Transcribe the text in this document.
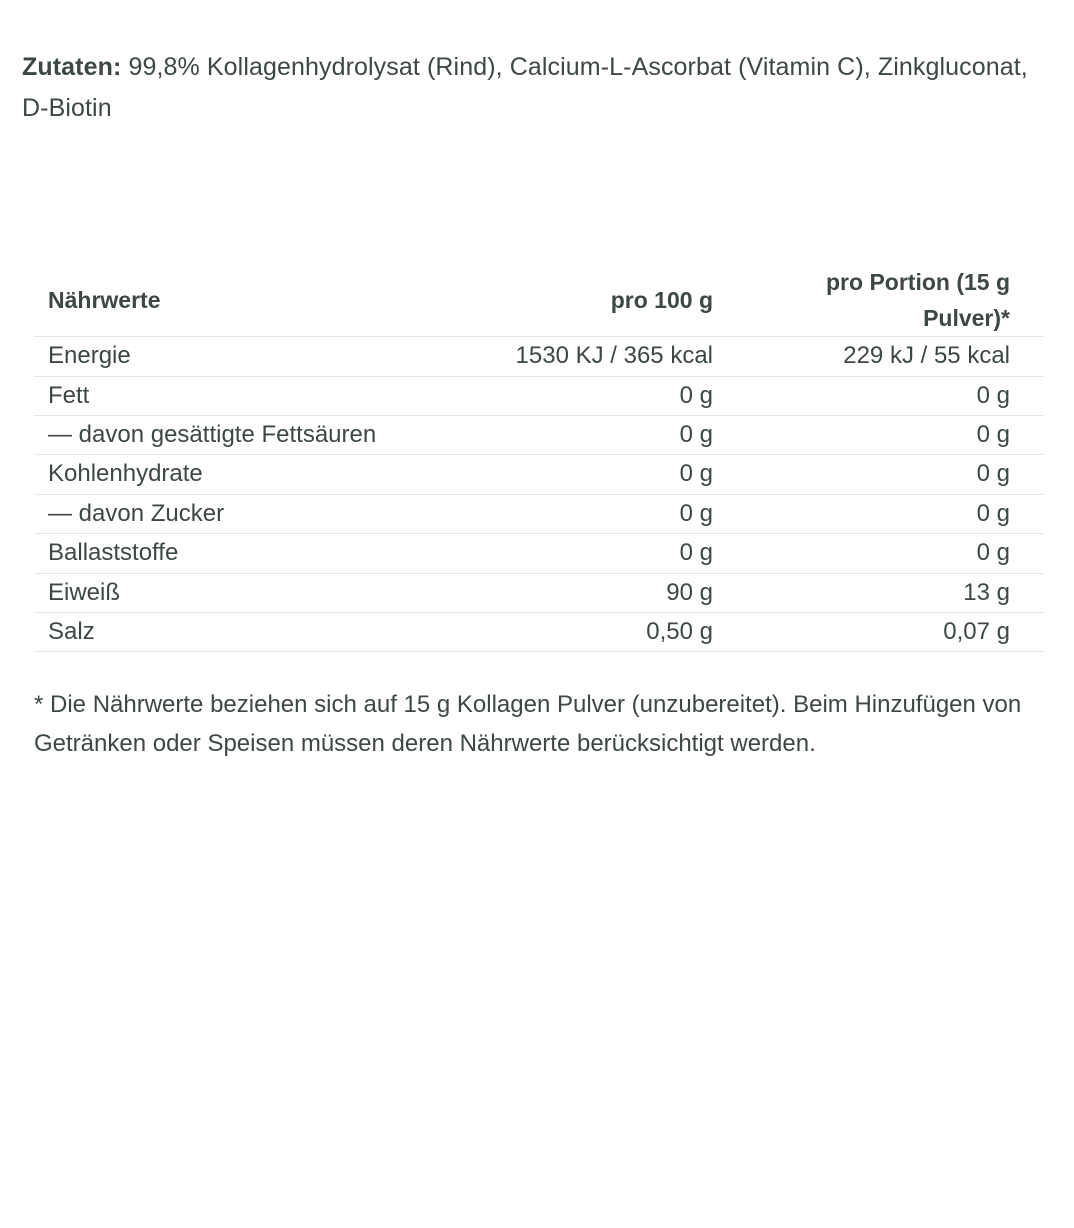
Zutaten: 99,8% Kollagenhydrolysat (Rind), Calcium-L-Ascorbat (Vitamin C), Zinkgluconat, D-Biotin

Nährwerte	pro 100 g	pro Portion (15 g Pulver)*
Energie	1530 KJ / 365 kcal	229 kJ / 55 kcal
Fett	0 g	0 g
— davon gesättigte Fettsäuren	0 g	0 g
Kohlenhydrate	0 g	0 g
— davon Zucker	0 g	0 g
Ballaststoffe	0 g	0 g
Eiweiß	90 g	13 g
Salz	0,50 g	0,07 g

* Die Nährwerte beziehen sich auf 15 g Kollagen Pulver (unzubereitet). Beim Hinzufügen von Getränken oder Speisen müssen deren Nährwerte berücksichtigt werden.
